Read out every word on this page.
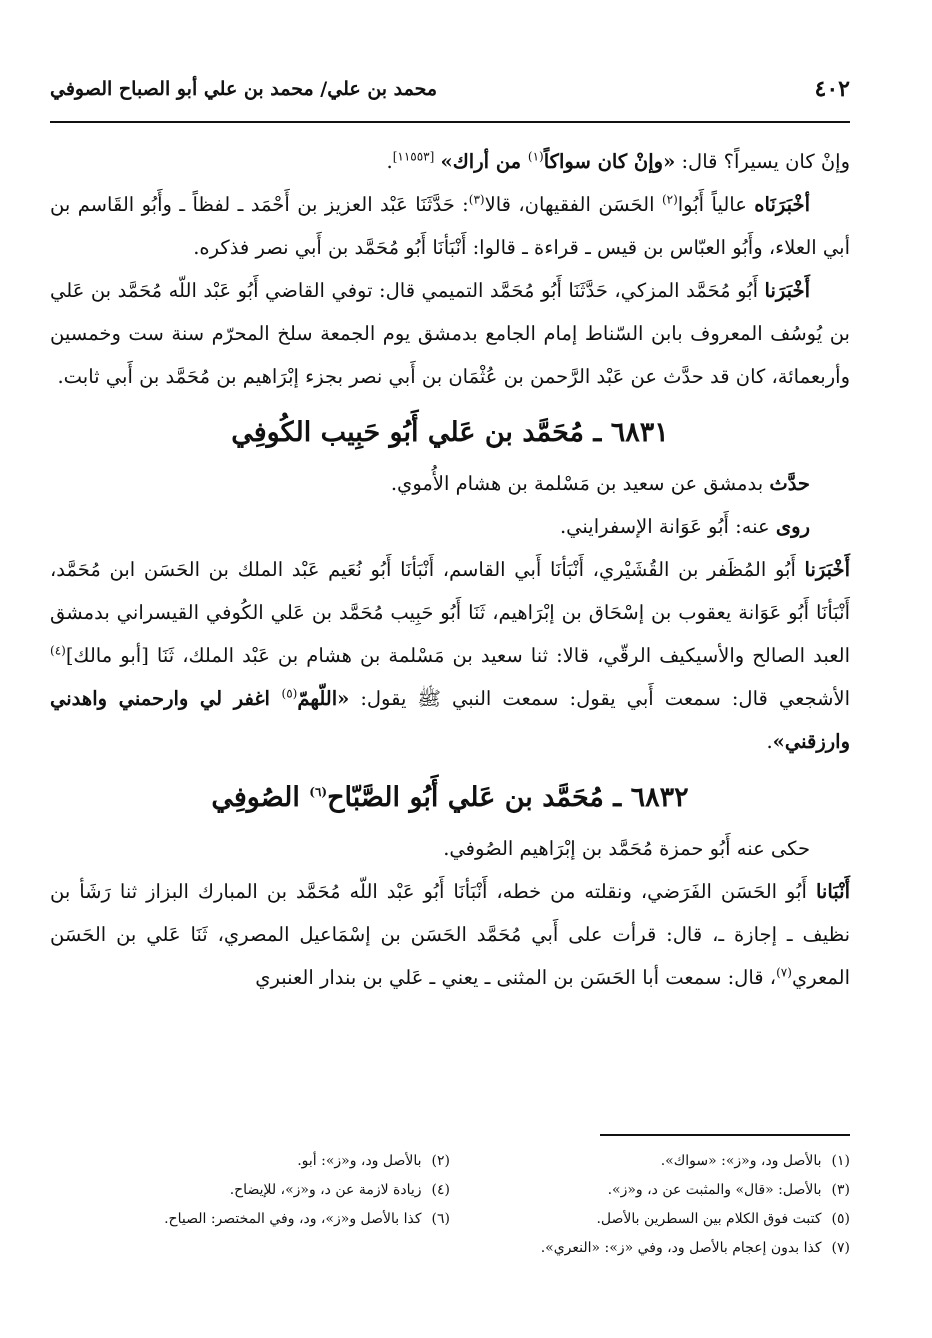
٤٠٢
محمد بن علي/ محمد بن علي أبو الصباح الصوفي

وإنْ كان يسيراً؟ قال: «وإنْ كان سواكاً$^{(١)}$ من أراك» [١١٥٥٣].

أخْبَرَنَاه عالياً أَبُوا$^{(٢)}$ الحَسَن الفقيهان، قالا$^{(٣)}$: حَدَّثَنَا عَبْد العزيز بن أَحْمَد ـ لفظاً ـ وأَبُو القَاسم بن أبي العلاء، وأَبُو العبّاس بن قيس ـ قراءة ـ قالوا: أَنْبَأنَا أَبُو مُحَمَّد بن أَبي نصر فذكره.

أَخْبَرَنا أَبُو مُحَمَّد المزكي، حَدَّثَنَا أَبُو مُحَمَّد التميمي قال: توفي القاضي أَبُو عَبْد اللّه مُحَمَّد بن عَلي بن يُوسُف المعروف بابن السّناط إمام الجامع بدمشق يوم الجمعة سلخ المحرّم سنة ست وخمسين وأربعمائة، كان قد حدَّث عن عَبْد الرَّحمن بن عُثْمَان بن أَبي نصر بجزء إبْرَاهيم بن مُحَمَّد بن أَبي ثابت.

٦٨٣١ ـ مُحَمَّد بن عَلي أَبُو حَبِيب الكُوفِي

حدَّث بدمشق عن سعيد بن مَسْلمة بن هشام الأُموي.

روى عنه: أَبُو عَوَانة الإسفرايني.

أَخْبَرَنا أَبُو المُظَفر بن القُشَيْري، أَنْبَأنَا أَبي القاسم، أَنْبَأنَا أَبُو نُعَيم عَبْد الملك بن الحَسَن ابن مُحَمَّد، أَنْبَأنَا أَبُو عَوَانة يعقوب بن إسْحَاق بن إبْرَاهيم، ثَنَا أَبُو حَبِيب مُحَمَّد بن عَلي الكُوفي القيسراني بدمشق العبد الصالح والأسيكيف الرقّي، قالا: ثنا سعيد بن مَسْلمة بن هشام بن عَبْد الملك، ثَنَا [أبو مالك]$^{(٤)}$ الأشجعي قال: سمعت أَبي يقول: سمعت النبي ﷺ يقول: «اللّهمّ$^{(٥)}$ اغفر لي وارحمني واهدني وارزقني».

٦٨٣٢ ـ مُحَمَّد بن عَلي أَبُو الصَّبّاح$^{(٦)}$ الصُوفِي

حكى عنه أَبُو حمزة مُحَمَّد بن إبْرَاهيم الصُوفي.

أَنْبَانا أَبُو الحَسَن الفَرَضي، ونقلته من خطه، أَنْبَأنَا أَبُو عَبْد اللّه مُحَمَّد بن المبارك البزاز ثنا رَشَأ بن نظيف ـ إجازة ـ، قال: قرأت على أَبي مُحَمَّد الحَسَن بن إسْمَاعيل المصري، ثَنَا عَلي بن الحَسَن المعري$^{(٧)}$، قال: سمعت أبا الحَسَن بن المثنى ـ يعني ـ عَلي بن بندار العنبري

(١)بالأصل ود، و«ز»: «سواك».
(٢)بالأصل ود، و«ز»: أبو.
(٣)بالأصل: «قال» والمثبت عن د، و«ز».
(٤)زيادة لازمة عن د، و«ز»، للإيضاح.
(٥)كتبت فوق الكلام بين السطرين بالأصل.
(٦)كذا بالأصل و«ز»، ود، وفي المختصر: الصياح.
(٧)كذا بدون إعجام بالأصل ود، وفي «ز»: «النعري».
